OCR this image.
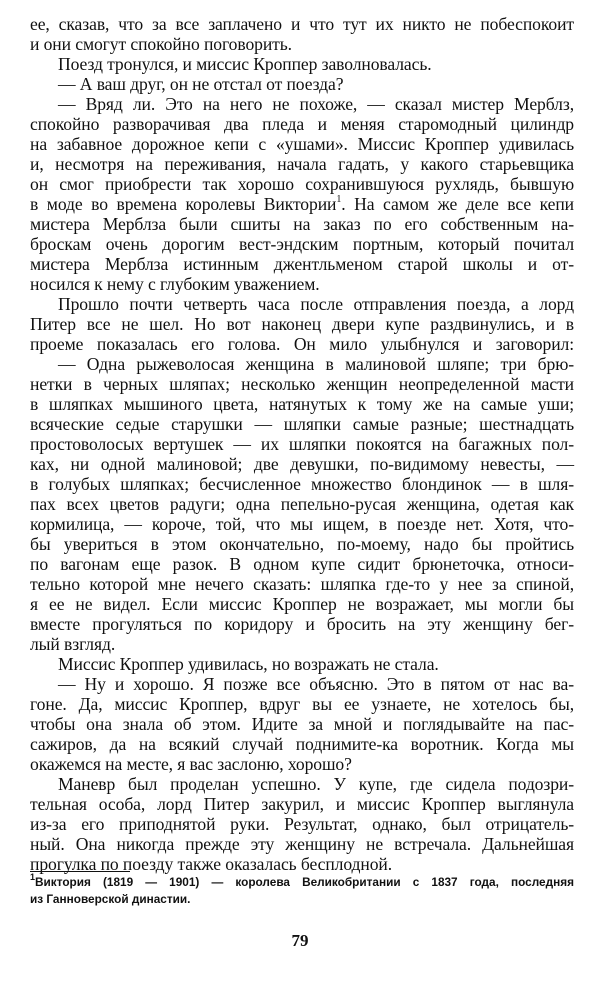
ее, сказав, что за все заплачено и что тут их никто не побеспокоит
и они смогут спокойно поговорить.
Поезд тронулся, и миссис Кроппер заволновалась.
— А ваш друг, он не отстал от поезда?
— Вряд ли. Это на него не похоже, — сказал мистер Мерблз,
спокойно разворачивая два пледа и меняя старомодный цилиндр
на забавное дорожное кепи с «ушами». Миссис Кроппер удивилась
и, несмотря на переживания, начала гадать, у какого старьевщика
он смог приобрести так хорошо сохранившуюся рухлядь, бывшую
в моде во времена королевы Виктории$^1$. На самом же деле все кепи
мистера Мерблза были сшиты на заказ по его собственным на-
броскам очень дорогим вест-эндским портным, который почитал
мистера Мерблза истинным джентльменом старой школы и от-
носился к нему с глубоким уважением.
Прошло почти четверть часа после отправления поезда, а лорд
Питер все не шел. Но вот наконец двери купе раздвинулись, и в
проеме показалась его голова. Он мило улыбнулся и заговорил:
— Одна рыжеволосая женщина в малиновой шляпе; три брю-
нетки в черных шляпах; несколько женщин неопределенной масти
в шляпках мышиного цвета, натянутых к тому же на самые уши;
всяческие седые старушки — шляпки самые разные; шестнадцать
простоволосых вертушек — их шляпки покоятся на багажных пол-
ках, ни одной малиновой; две девушки, по-видимому невесты, —
в голубых шляпках; бесчисленное множество блондинок — в шля-
пах всех цветов радуги; одна пепельно-русая женщина, одетая как
кормилица, — короче, той, что мы ищем, в поезде нет. Хотя, что-
бы увериться в этом окончательно, по-моему, надо бы пройтись
по вагонам еще разок. В одном купе сидит брюнеточка, относи-
тельно которой мне нечего сказать: шляпка где-то у нее за спиной,
я ее не видел. Если миссис Кроппер не возражает, мы могли бы
вместе прогуляться по коридору и бросить на эту женщину бег-
лый взгляд.
Миссис Кроппер удивилась, но возражать не стала.
— Ну и хорошо. Я позже все объясню. Это в пятом от нас ва-
гоне. Да, миссис Кроппер, вдруг вы ее узнаете, не хотелось бы,
чтобы она знала об этом. Идите за мной и поглядывайте на пас-
сажиров, да на всякий случай поднимите-ка воротник. Когда мы
окажемся на месте, я вас заслоню, хорошо?
Маневр был проделан успешно. У купе, где сидела подозри-
тельная особа, лорд Питер закурил, и миссис Кроппер выглянула
из-за его приподнятой руки. Результат, однако, был отрицатель-
ный. Она никогда прежде эту женщину не встречала. Дальнейшая
прогулка по поезду также оказалась бесплодной.
$^1$Виктория (1819 — 1901) — королева Великобритании с 1837 года, последняя
из Ганноверской династии.
79
